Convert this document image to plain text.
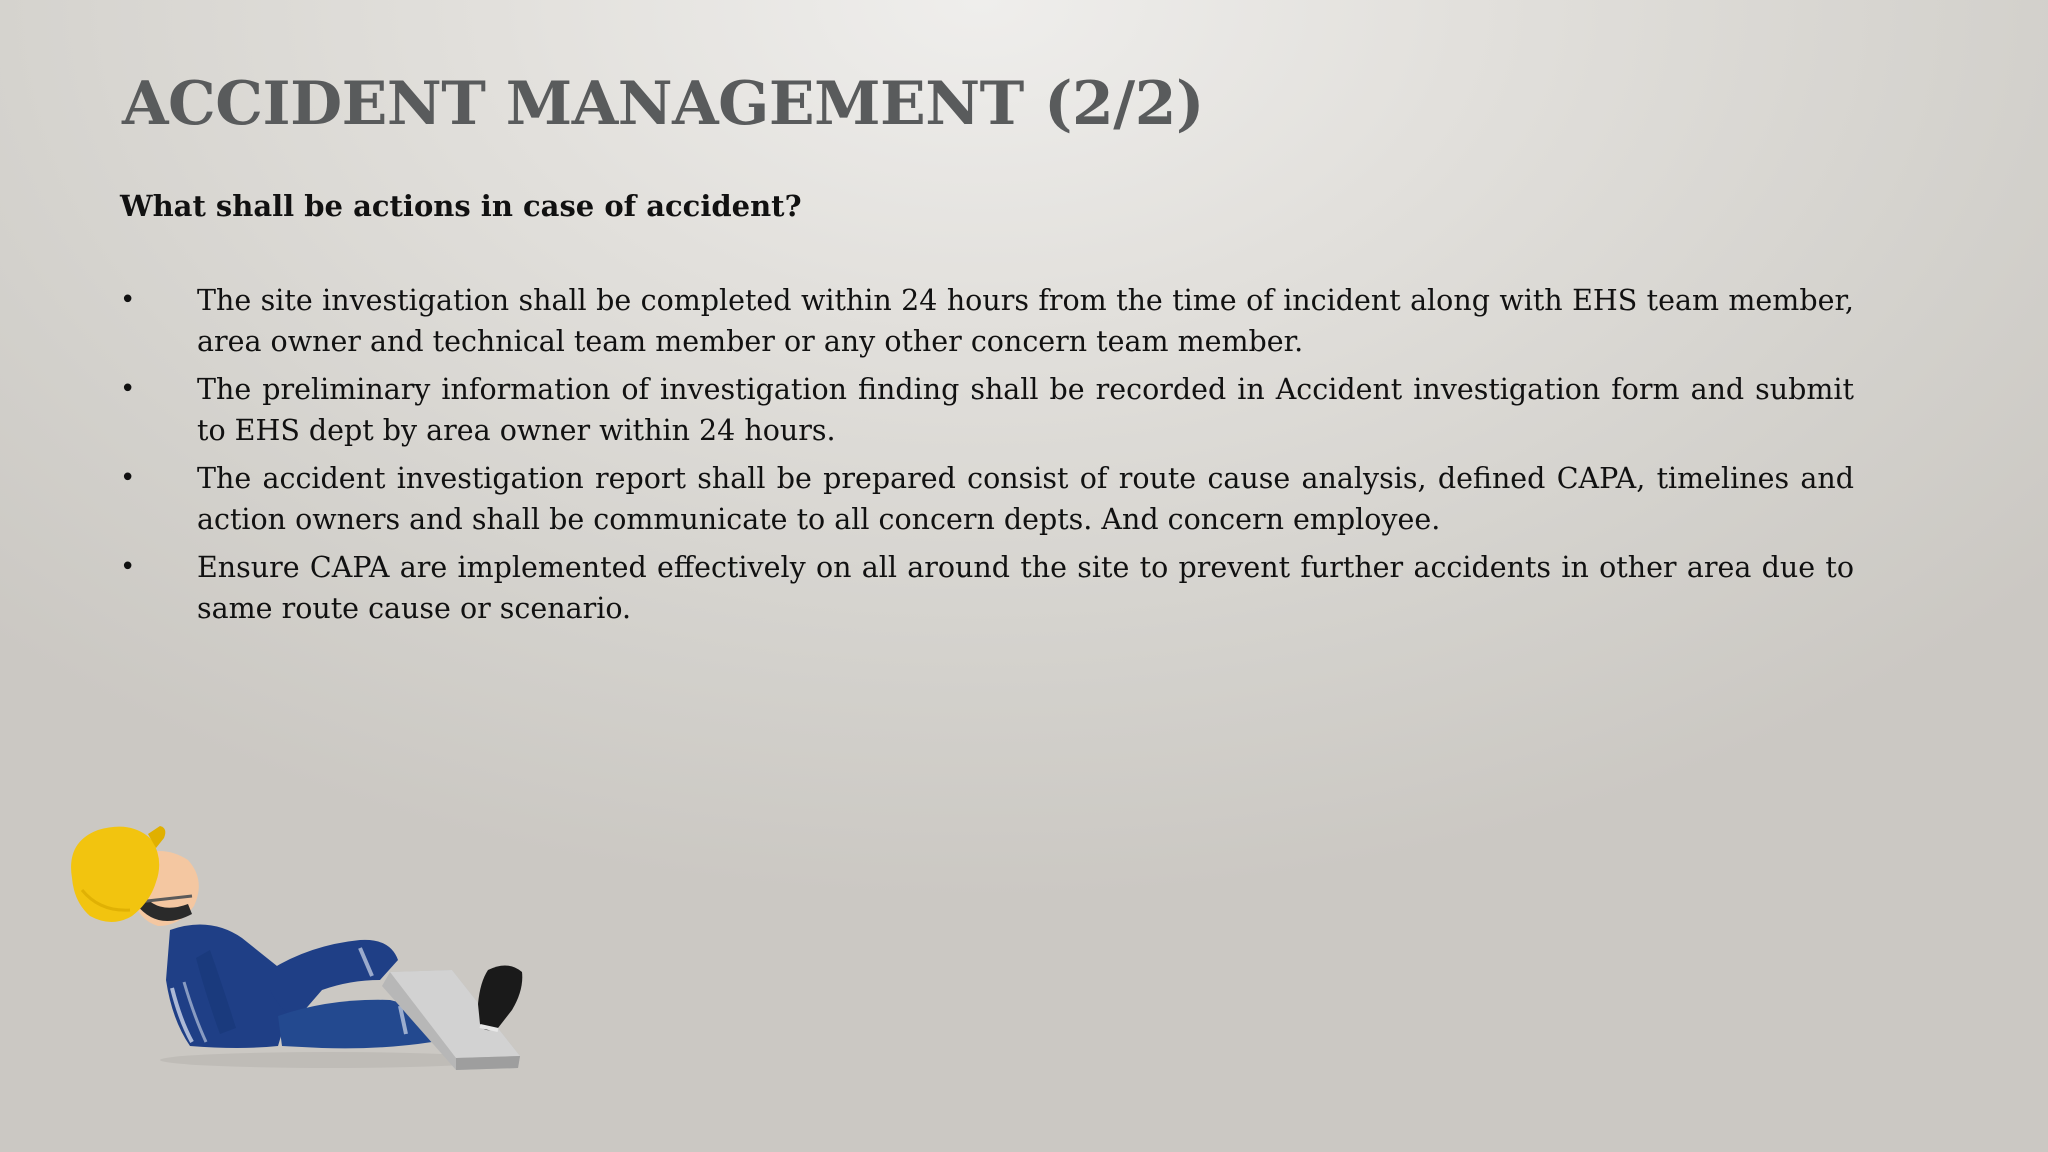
ACCIDENT MANAGEMENT (2/2)
What shall be actions in case of accident?
• The site investigation shall be completed within 24 hours from the time of incident along with EHS team member, area owner and technical team member or any other concern team member.
• The preliminary information of investigation finding shall be recorded in Accident investigation form and submit to EHS dept by area owner within 24 hours.
• The accident investigation report shall be prepared consist of route cause analysis, defined CAPA, timelines and action owners and shall be communicate to all concern depts. And concern employee.
• Ensure CAPA are implemented effectively on all around the site to prevent further accidents in other area due to same route cause or scenario.
